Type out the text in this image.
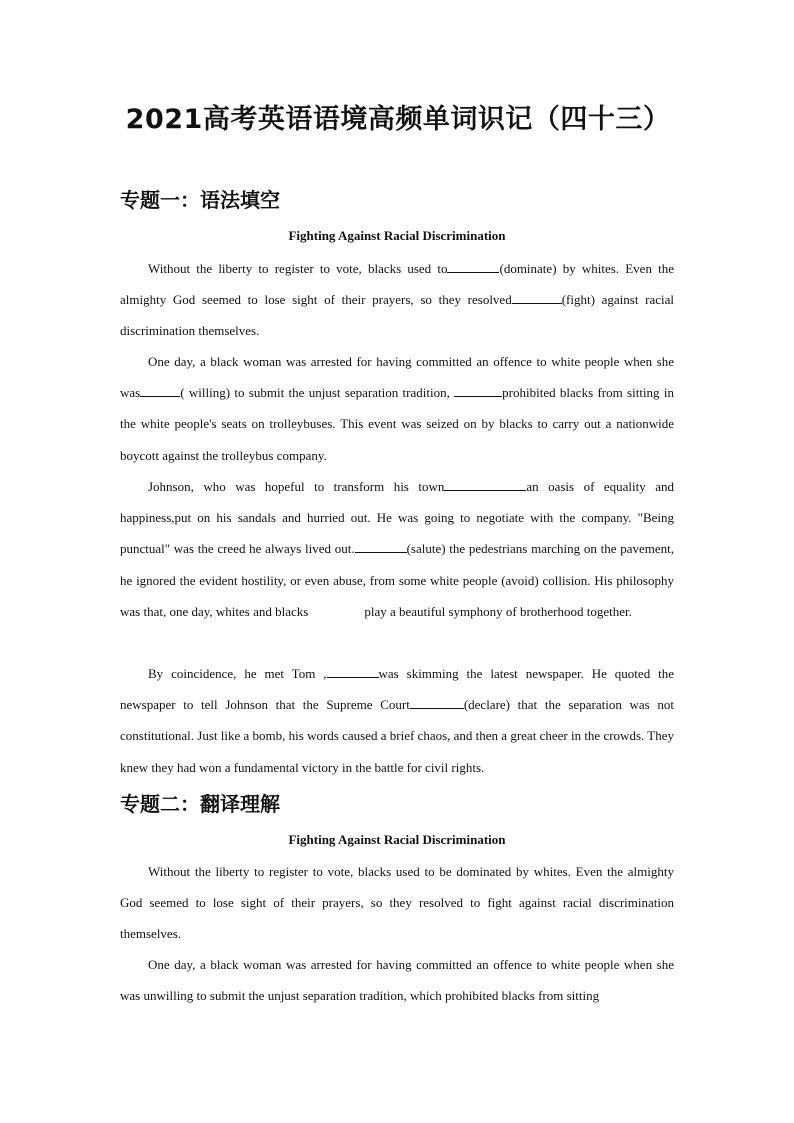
2021高考英语语境高频单词识记（四十三）
专题一：语法填空
Fighting Against Racial Discrimination

Without the liberty to register to vote, blacks used to	(dominate) by whites. Even the almighty God seemed to lose sight of their prayers, so they resolved	(fight) against racial discrimination themselves.

One day, a black woman was arrested for having committed an offence to white people when she was	( willing) to submit the unjust separation tradition,	prohibited blacks from sitting in the white people's seats on trolleybuses. This event was seized on by blacks to carry out a nationwide boycott against the trolleybus company.

Johnson, who was hopeful to transform his town	an oasis of equality and happiness,put on his sandals and hurried out. He was going to negotiate with the company. "Being punctual" was the creed he always lived out.	(salute) the pedestrians marching on the pavement, he ignored the evident hostility, or even abuse, from some white people (avoid) collision. His philosophy was that, one day, whites and blacks	play a beautiful symphony of brotherhood together.

By coincidence, he met Tom ,	was skimming the latest newspaper. He quoted the newspaper to tell Johnson that the Supreme Court	(declare) that the separation was not constitutional. Just like a bomb, his words caused a brief chaos, and then a great cheer in the crowds. They knew they had won a fundamental victory in the battle for civil rights.

专题二：翻译理解
Fighting Against Racial Discrimination

Without the liberty to register to vote, blacks used to be dominated by whites. Even the almighty God seemed to lose sight of their prayers, so they resolved to fight against racial discrimination themselves.

One day, a black woman was arrested for having committed an offence to white people when she was unwilling to submit the unjust separation tradition, which prohibited blacks from sitting
